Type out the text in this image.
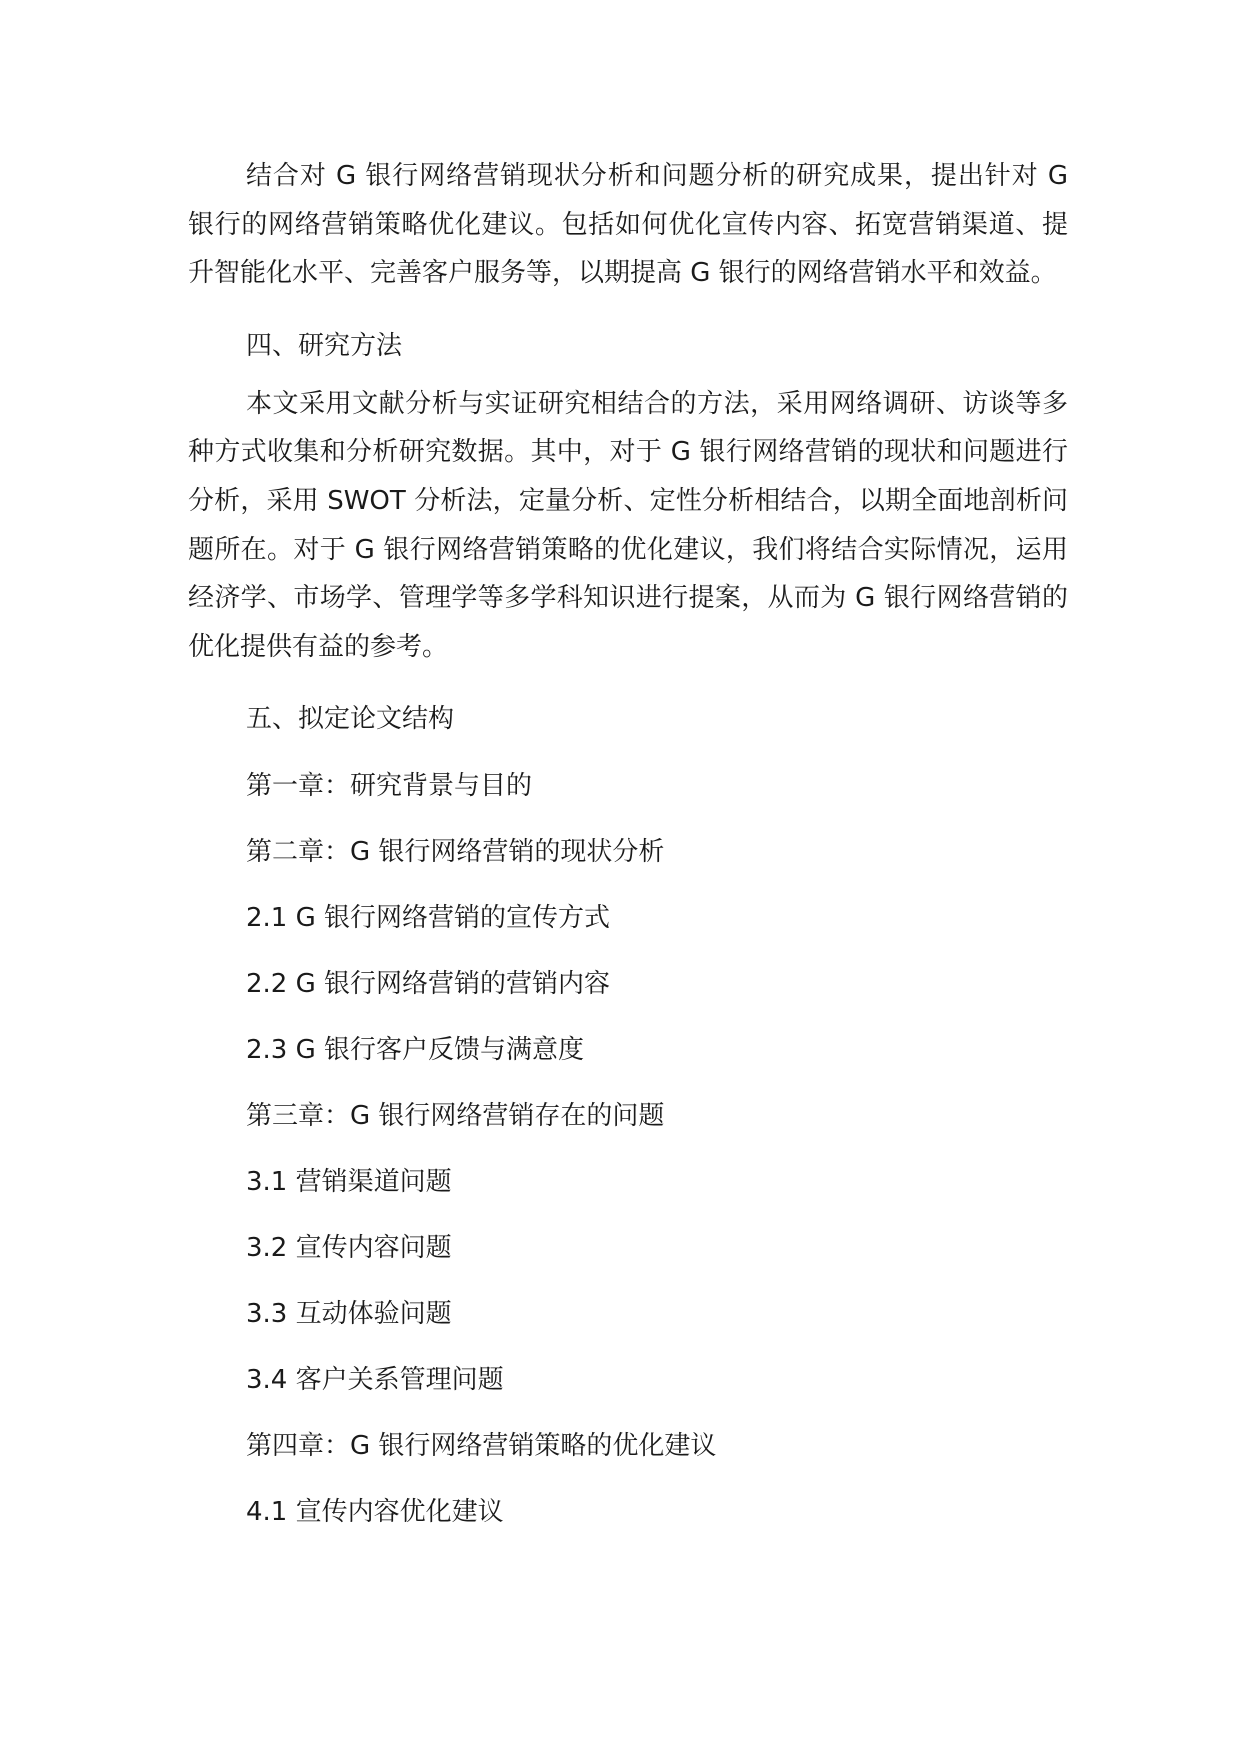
结合对 G 银行网络营销现状分析和问题分析的研究成果，提出针对 G 银行的网络营销策略优化建议。包括如何优化宣传内容、拓宽营销渠道、提升智能化水平、完善客户服务等，以期提高 G 银行的网络营销水平和效益。

四、研究方法

本文采用文献分析与实证研究相结合的方法，采用网络调研、访谈等多种方式收集和分析研究数据。其中，对于 G 银行网络营销的现状和问题进行分析，采用 SWOT 分析法，定量分析、定性分析相结合，以期全面地剖析问题所在。对于 G 银行网络营销策略的优化建议，我们将结合实际情况，运用经济学、市场学、管理学等多学科知识进行提案，从而为 G 银行网络营销的优化提供有益的参考。

五、拟定论文结构
第一章：研究背景与目的
第二章：G 银行网络营销的现状分析
2.1 G 银行网络营销的宣传方式
2.2 G 银行网络营销的营销内容
2.3 G 银行客户反馈与满意度
第三章：G 银行网络营销存在的问题
3.1 营销渠道问题
3.2 宣传内容问题
3.3 互动体验问题
3.4 客户关系管理问题
第四章：G 银行网络营销策略的优化建议
4.1 宣传内容优化建议
